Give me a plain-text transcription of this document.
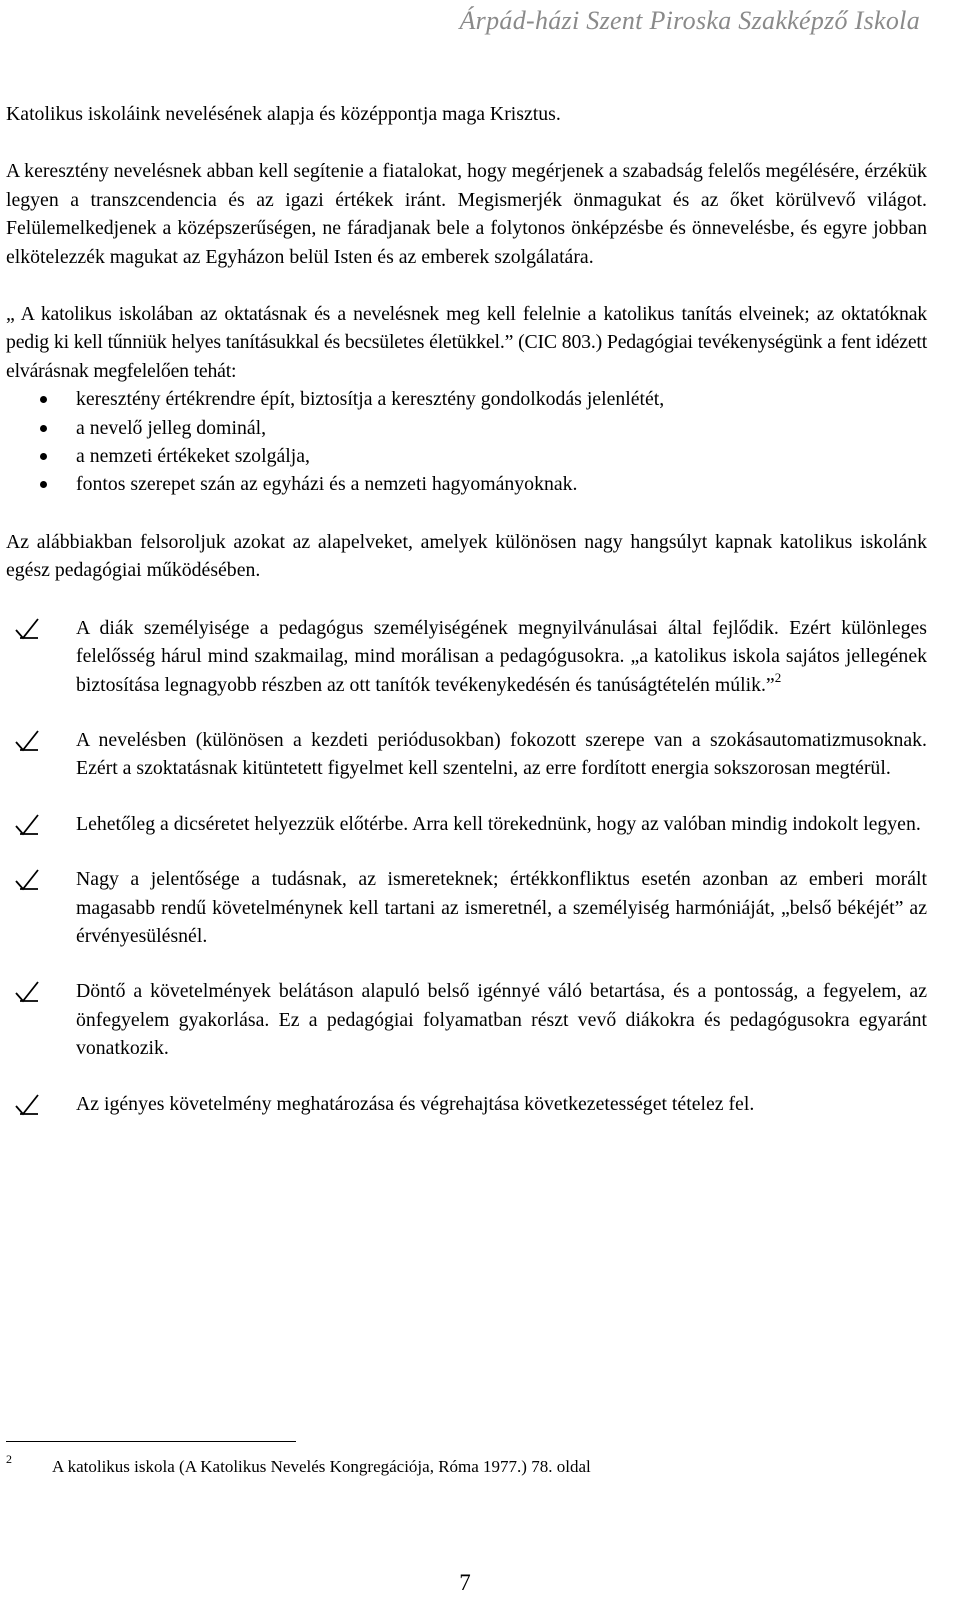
Árpád-házi Szent Piroska Szakképző Iskola

Katolikus iskoláink nevelésének alapja és középpontja maga Krisztus.

A keresztény nevelésnek abban kell segítenie a fiatalokat, hogy megérjenek a szabadság felelős megélésére, érzékük legyen a transzcendencia és az igazi értékek iránt. Megismerjék önmagukat és az őket körülvevő világot. Felülemelkedjenek a középszerűségen, ne fáradjanak bele a folytonos önképzésbe és önnevelésbe, és egyre jobban elkötelezzék magukat az Egyházon belül Isten és az emberek szolgálatára.

„ A katolikus iskolában az oktatásnak és a nevelésnek meg kell felelnie a katolikus tanítás elveinek; az oktatóknak pedig ki kell tűnniük helyes tanításukkal és becsületes életükkel.” (CIC 803.) Pedagógiai tevékenységünk a fent idézett elvárásnak megfelelően tehát:

keresztény értékrendre épít, biztosítja a keresztény gondolkodás jelenlétét,
a nevelő jelleg dominál,
a nemzeti értékeket szolgálja,
fontos szerepet szán az egyházi és a nemzeti hagyományoknak.

Az alábbiakban felsoroljuk azokat az alapelveket, amelyek különösen nagy hangsúlyt kapnak katolikus iskolánk egész pedagógiai működésében.

A diák személyisége a pedagógus személyiségének megnyilvánulásai által fejlődik. Ezért különleges felelősség hárul mind szakmailag, mind morálisan a pedagógusokra. „a katolikus iskola sajátos jellegének biztosítása legnagyobb részben az ott tanítók tevékenykedésén és tanúságtételén múlik.”$^2$
A nevelésben (különösen a kezdeti periódusokban) fokozott szerepe van a szokásautomatizmusoknak. Ezért a szoktatásnak kitüntetett figyelmet kell szentelni, az erre fordított energia sokszorosan megtérül.
Lehetőleg a dicséretet helyezzük előtérbe. Arra kell törekednünk, hogy az valóban mindig indokolt legyen.
Nagy a jelentősége a tudásnak, az ismereteknek; értékkonfliktus esetén azonban az emberi morált magasabb rendű követelménynek kell tartani az ismeretnél, a személyiség harmóniáját, „belső békéjét” az érvényesülésnél.
Döntő a követelmények belátáson alapuló belső igénnyé váló betartása, és a pontosság, a fegyelem, az önfegyelem gyakorlása. Ez a pedagógiai folyamatban részt vevő diákokra és pedagógusokra egyaránt vonatkozik.
Az igényes követelmény meghatározása és végrehajtása következetességet tételez fel.
2 A katolikus iskola (A Katolikus Nevelés Kongregációja, Róma 1977.) 78. oldal
7
